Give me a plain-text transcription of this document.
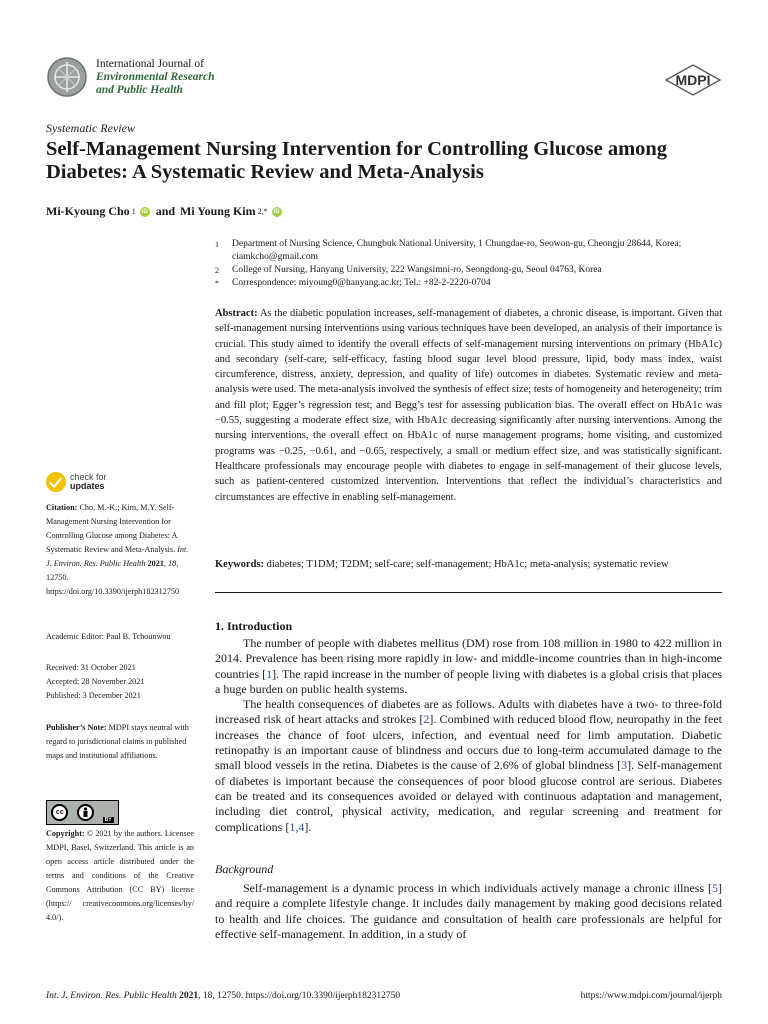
International Journal of
Environmental Research
and Public Health
MDPI
Systematic Review
Self-Management Nursing Intervention for Controlling Glucose among Diabetes: A Systematic Review and Meta-Analysis
Mi-Kyoung Cho 1	iD and Mi Young Kim 2,*	iD
1	Department of Nursing Science, Chungbuk National University, 1 Chungdae-ro, Seowon-gu, Cheongju 28644, Korea; ciamkcho@gmail.com
2	College of Nursing, Hanyang University, 222 Wangsimni-ro, Seongdong-gu, Seoul 04763, Korea
*	Correspondence: miyoung0@hanyang.ac.kr; Tel.: +82-2-2220-0704
Abstract: As the diabetic population increases, self-management of diabetes, a chronic disease, is important. Given that self-management nursing interventions using various techniques have been developed, an analysis of their importance is crucial. This study aimed to identify the overall effects of self-management nursing interventions on primary (HbA1c) and secondary (self-care, self-efficacy, fasting blood sugar level blood pressure, lipid, body mass index, waist circumference, distress, anxiety, depression, and quality of life) outcomes in diabetes. Systematic review and meta-analysis were used. The meta-analysis involved the synthesis of effect size; tests of homogeneity and heterogeneity; trim and fill plot; Egger’s regression test; and Begg’s test for assessing publication bias. The overall effect on HbA1c was −0.55, suggesting a moderate effect size, with HbA1c decreasing significantly after nursing interventions. Among the nursing interventions, the overall effect on HbA1c of nurse management programs, home visiting, and customized programs was −0.25, −0.61, and −0.65, respectively, a small or medium effect size, and was statistically significant. Healthcare professionals may encourage people with diabetes to engage in self-management of their glucose levels, such as patient-centered customized intervention. Interventions that reflect the individual’s characteristics and circumstances are effective in enabling self-management.
Keywords: diabetes; T1DM; T2DM; self-care; self-management; HbA1c; meta-analysis; systematic review
check for
updates
Citation: Cho, M.-K.; Kim, M.Y. Self-Management Nursing Intervention for Controlling Glucose among Diabetes: A Systematic Review and Meta-Analysis. Int. J. Environ. Res. Public Health 2021, 18, 12750. https://doi.org/10.3390/ijerph182312750
Academic Editor: Paul B. Tchounwou
Received: 31 October 2021
Accepted: 28 November 2021
Published: 3 December 2021
Publisher’s Note: MDPI stays neutral with regard to jurisdictional claims in published maps and institutional affiliations.
cc
BY
Copyright: © 2021 by the authors. Licensee MDPI, Basel, Switzerland. This article is an open access article distributed under the terms and conditions of the Creative Commons Attribution (CC BY) license (https:// creativecommons.org/licenses/by/ 4.0/).
1. Introduction

The number of people with diabetes mellitus (DM) rose from 108 million in 1980 to 422 million in 2014. Prevalence has been rising more rapidly in low- and middle-income countries than in high-income countries [1]. The rapid increase in the number of people living with diabetes is a global crisis that places a huge burden on public health systems.

The health consequences of diabetes are as follows. Adults with diabetes have a two- to three-fold increased risk of heart attacks and strokes [2]. Combined with reduced blood flow, neuropathy in the feet increases the chance of foot ulcers, infection, and eventual need for limb amputation. Diabetic retinopathy is an important cause of blindness and occurs due to long-term accumulated damage to the small blood vessels in the retina. Diabetes is the cause of 2.6% of global blindness [3]. Self-management of diabetes is important because the consequences of poor blood glucose control are serious. Diabetes can be treated and its consequences avoided or delayed with continuous adaptation and management, including diet control, physical activity, medication, and regular screening and treatment for complications [1,4].

Background

Self-management is a dynamic process in which individuals actively manage a chronic illness [5] and require a complete lifestyle change. It includes daily management by making good decisions related to health and life choices. The guidance and consultation of health care professionals are helpful for effective self-management. In addition, in a study of

Int. J. Environ. Res. Public Health 2021, 18, 12750. https://doi.org/10.3390/ijerph182312750	https://www.mdpi.com/journal/ijerph
